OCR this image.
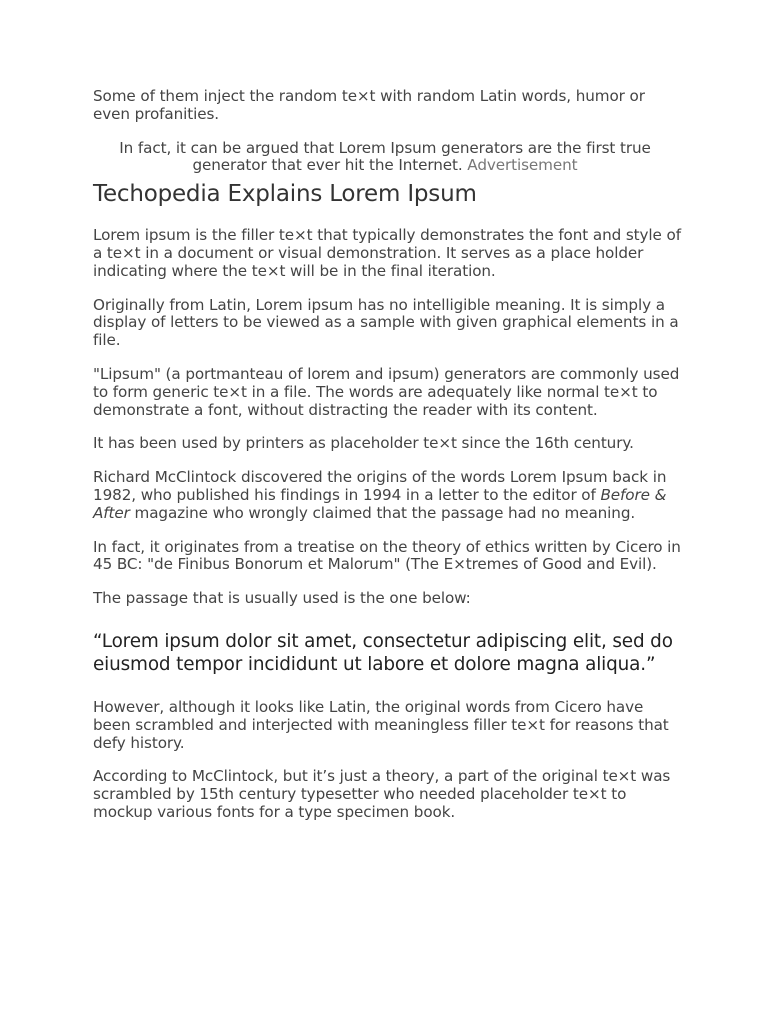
Some of them inject the random te×t with random Latin words, humor or even profanities.

In fact, it can be argued that Lorem Ipsum generators are the first true generator that ever hit the Internet. Advertisement

Techopedia Explains Lorem Ipsum

Lorem ipsum is the filler te×t that typically demonstrates the font and style of a te×t in a document or visual demonstration. It serves as a place holder indicating where the te×t will be in the final iteration.

Originally from Latin, Lorem ipsum has no intelligible meaning. It is simply a display of letters to be viewed as a sample with given graphical elements in a file.

"Lipsum" (a portmanteau of lorem and ipsum) generators are commonly used to form generic te×t in a file. The words are adequately like normal te×t to demonstrate a font, without distracting the reader with its content.

It has been used by printers as placeholder te×t since the 16th century.

Richard McClintock discovered the origins of the words Lorem Ipsum back in 1982, who published his findings in 1994 in a letter to the editor of Before & After magazine who wrongly claimed that the passage had no meaning.

In fact, it originates from a treatise on the theory of ethics written by Cicero in 45 BC: "de Finibus Bonorum et Malorum" (The E×tremes of Good and Evil).

The passage that is usually used is the one below:

“Lorem ipsum dolor sit amet, consectetur adipiscing elit, sed do eiusmod tempor incididunt ut labore et dolore magna aliqua.”

However, although it looks like Latin, the original words from Cicero have been scrambled and interjected with meaningless filler te×t for reasons that defy history.

According to McClintock, but it’s just a theory, a part of the original te×t was scrambled by 15th century typesetter who needed placeholder te×t to mockup various fonts for a type specimen book.
